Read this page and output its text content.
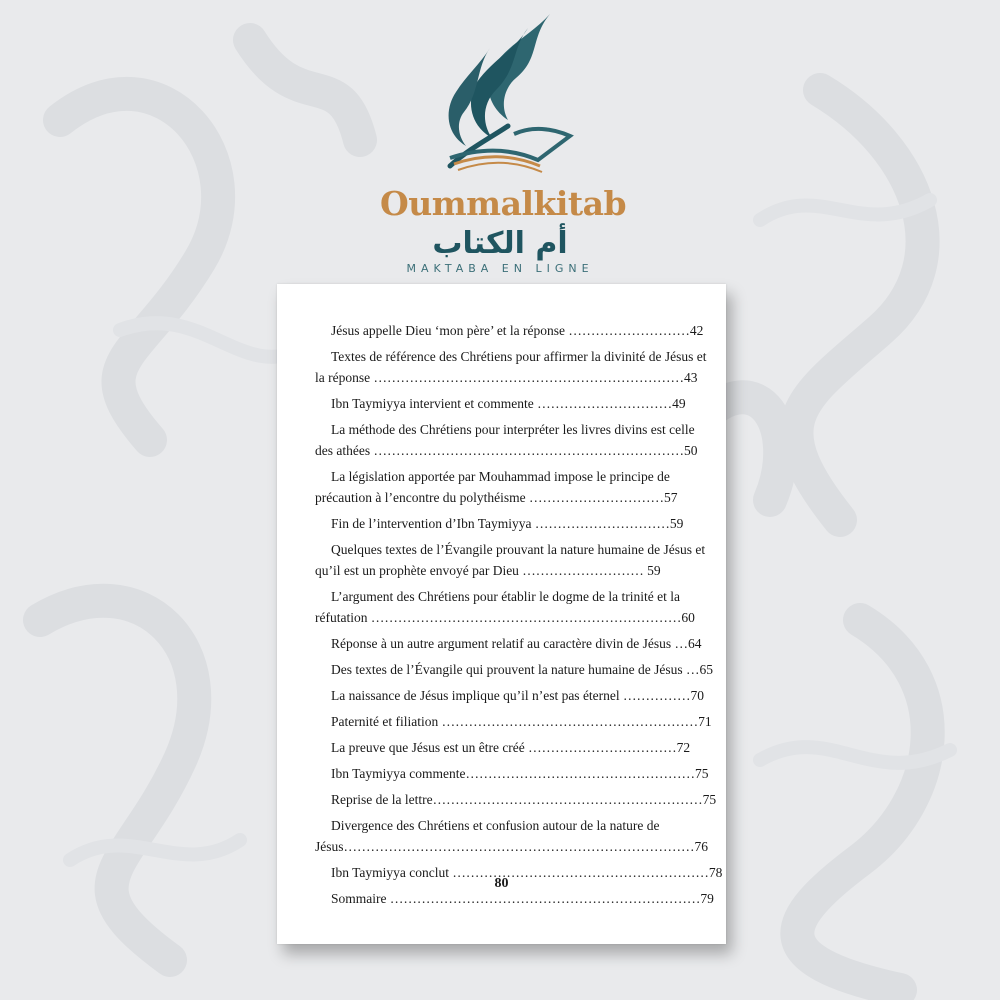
Oummalkitab
أم الكتاب
MAKTABA EN LIGNE
Jésus appelle Dieu ‘mon père’ et la réponse ………………………42
Textes de référence des Chrétiens pour affirmer la divinité de Jésus et
la réponse ……………………………………………………………43
Ibn Taymiyya intervient et commente …………………………49
La méthode des Chrétiens pour interpréter les livres divins est celle
des athées ……………………………………………………………50
La législation apportée par Mouhammad impose le principe de
précaution à l’encontre du polythéisme …………………………57
Fin de l’intervention d’Ibn Taymiyya …………………………59
Quelques textes de l’Évangile prouvant la nature humaine de Jésus et
qu’il est un prophète envoyé par Dieu ……………………… 59
L’argument des Chrétiens pour établir le dogme de la trinité et la
réfutation ……………………………………………………………60
Réponse à un autre argument relatif au caractère divin de Jésus …64
Des textes de l’Évangile qui prouvent la nature humaine de Jésus …65
La naissance de Jésus implique qu’il n’est pas éternel ……………70
Paternité et filiation …………………………………………………71
La preuve que Jésus est un être créé ……………………………72
Ibn Taymiyya commente……………………………………………75
Reprise de la lettre……………………………………………………75
Divergence des Chrétiens et confusion autour de la nature de
Jésus……………………………………………………………………76
Ibn Taymiyya conclut …………………………………………………78
Sommaire ……………………………………………………………79
80
